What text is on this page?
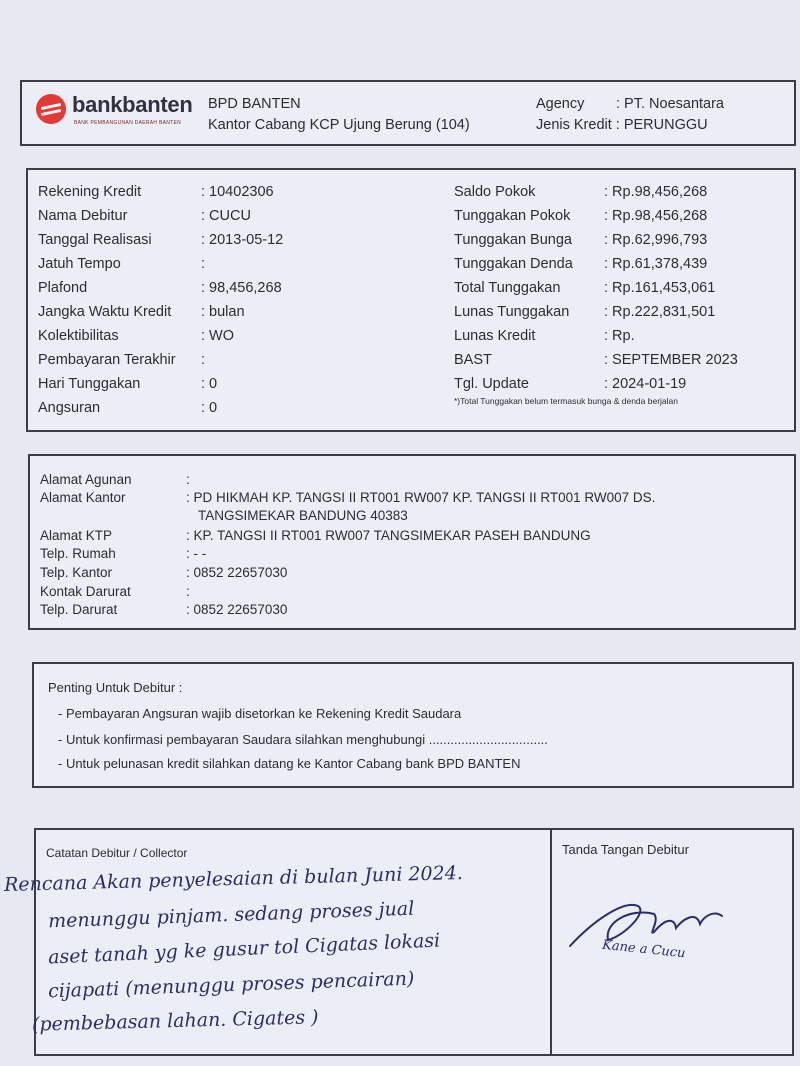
bankbanten
BANK PEMBANGUNAN DAERAH BANTEN
BPD BANTEN
Kantor Cabang KCP Ujung Berung (104)
Agency : PT. Noesantara
Jenis Kredit : PERUNGGU
Rekening Kredit	: 10402306
Nama Debitur	: CUCU
Tanggal Realisasi	: 2013-05-12
Jatuh Tempo	:
Plafond	: 98,456,268
Jangka Waktu Kredit : bulan
Kolektibilitas	: WO
Pembayaran Terakhir :
Hari Tunggakan	: 0
Angsuran	: 0
Saldo Pokok	: Rp.98,456,268
Tunggakan Pokok : Rp.98,456,268
Tunggakan Bunga : Rp.62,996,793
Tunggakan Denda : Rp.61,378,439
Total Tunggakan	: Rp.161,453,061
Lunas Tunggakan : Rp.222,831,501
Lunas Kredit	: Rp.
BAST	: SEPTEMBER 2023
Tgl. Update	: 2024-01-19
*)Total Tunggakan belum termasuk bunga & denda berjalan
Alamat Agunan	:
Alamat Kantor	: PD HIKMAH KP. TANGSI II RT001 RW007 KP. TANGSI II RT001 RW007 DS.
TANGSIMEKAR BANDUNG 40383
Alamat KTP	: KP. TANGSI II RT001 RW007 TANGSIMEKAR PASEH BANDUNG
Telp. Rumah	: - -
Telp. Kantor	: 0852 22657030
Kontak Darurat	:
Telp. Darurat	: 0852 22657030
Penting Untuk Debitur :
- Pembayaran Angsuran wajib disetorkan ke Rekening Kredit Saudara
- Untuk konfirmasi pembayaran Saudara silahkan menghubungi .................................
- Untuk pelunasan kredit silahkan datang ke Kantor Cabang bank BPD BANTEN
Catatan Debitur / Collector	Tanda Tangan Debitur
Rencana Akan penyelesaian di bulan Juni 2024.
menunggu pinjam. sedang proses jual
aset tanah yg ke gusur tol Cigatas lokasi
cijapati (menunggu proses pencairan)
(pembebasan lahan. Cigates )
Kane a Cucu
